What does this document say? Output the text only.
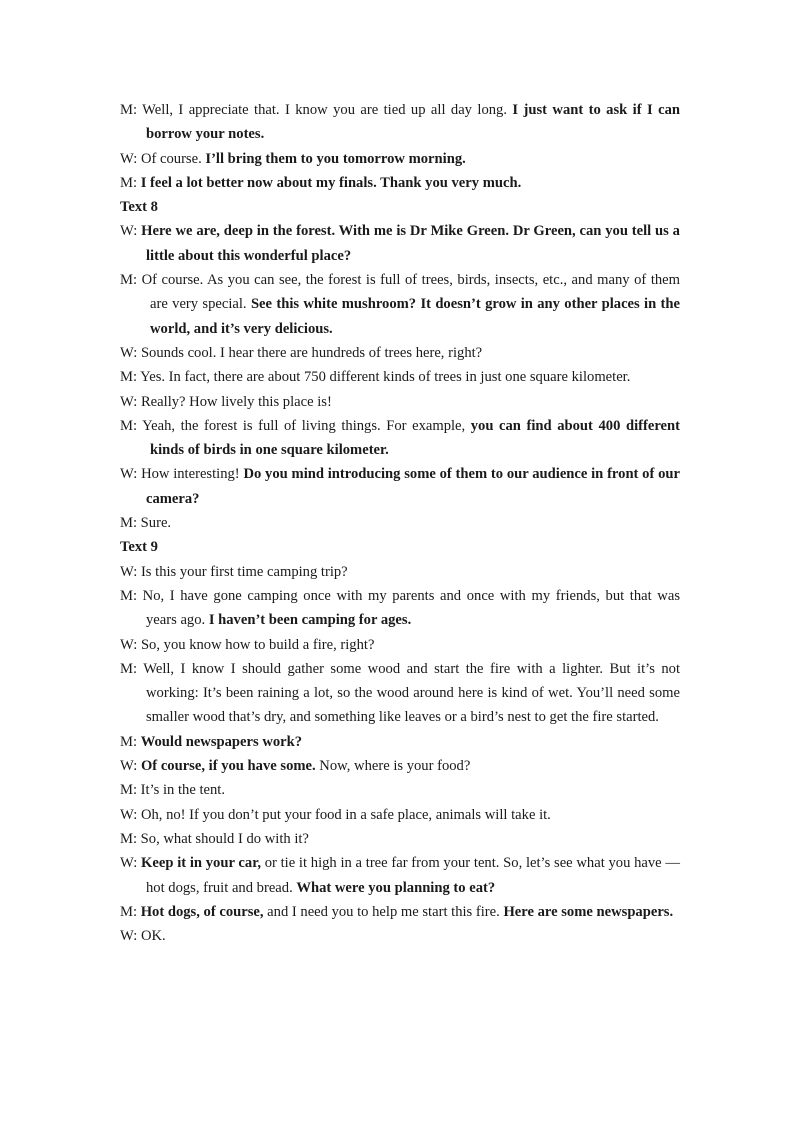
M: Well, I appreciate that. I know you are tied up all day long. I just want to ask if I can borrow your notes.

W: Of course. I’ll bring them to you tomorrow morning.

M: I feel a lot better now about my finals. Thank you very much.

Text 8

W: Here we are, deep in the forest. With me is Dr Mike Green. Dr Green, can you tell us a little about this wonderful place?

M: Of course. As you can see, the forest is full of trees, birds, insects, etc., and many of them are very special. See this white mushroom? It doesn’t grow in any other places in the world, and it’s very delicious.

W: Sounds cool. I hear there are hundreds of trees here, right?

M: Yes. In fact, there are about 750 different kinds of trees in just one square kilometer.

W: Really? How lively this place is!

M: Yeah, the forest is full of living things. For example, you can find about 400 different kinds of birds in one square kilometer.

W: How interesting! Do you mind introducing some of them to our audience in front of our camera?

M: Sure.

Text 9

W: Is this your first time camping trip?

M: No, I have gone camping once with my parents and once with my friends, but that was years ago. I haven’t been camping for ages.

W: So, you know how to build a fire, right?

M: Well, I know I should gather some wood and start the fire with a lighter. But it’s not working: It’s been raining a lot, so the wood around here is kind of wet. You’ll need some smaller wood that’s dry, and something like leaves or a bird’s nest to get the fire started.

M: Would newspapers work?

W: Of course, if you have some. Now, where is your food?

M: It’s in the tent.

W: Oh, no! If you don’t put your food in a safe place, animals will take it.

M: So, what should I do with it?

W: Keep it in your car, or tie it high in a tree far from your tent. So, let’s see what you have — hot dogs, fruit and bread. What were you planning to eat?

M: Hot dogs, of course, and I need you to help me start this fire. Here are some newspapers.

W: OK.
